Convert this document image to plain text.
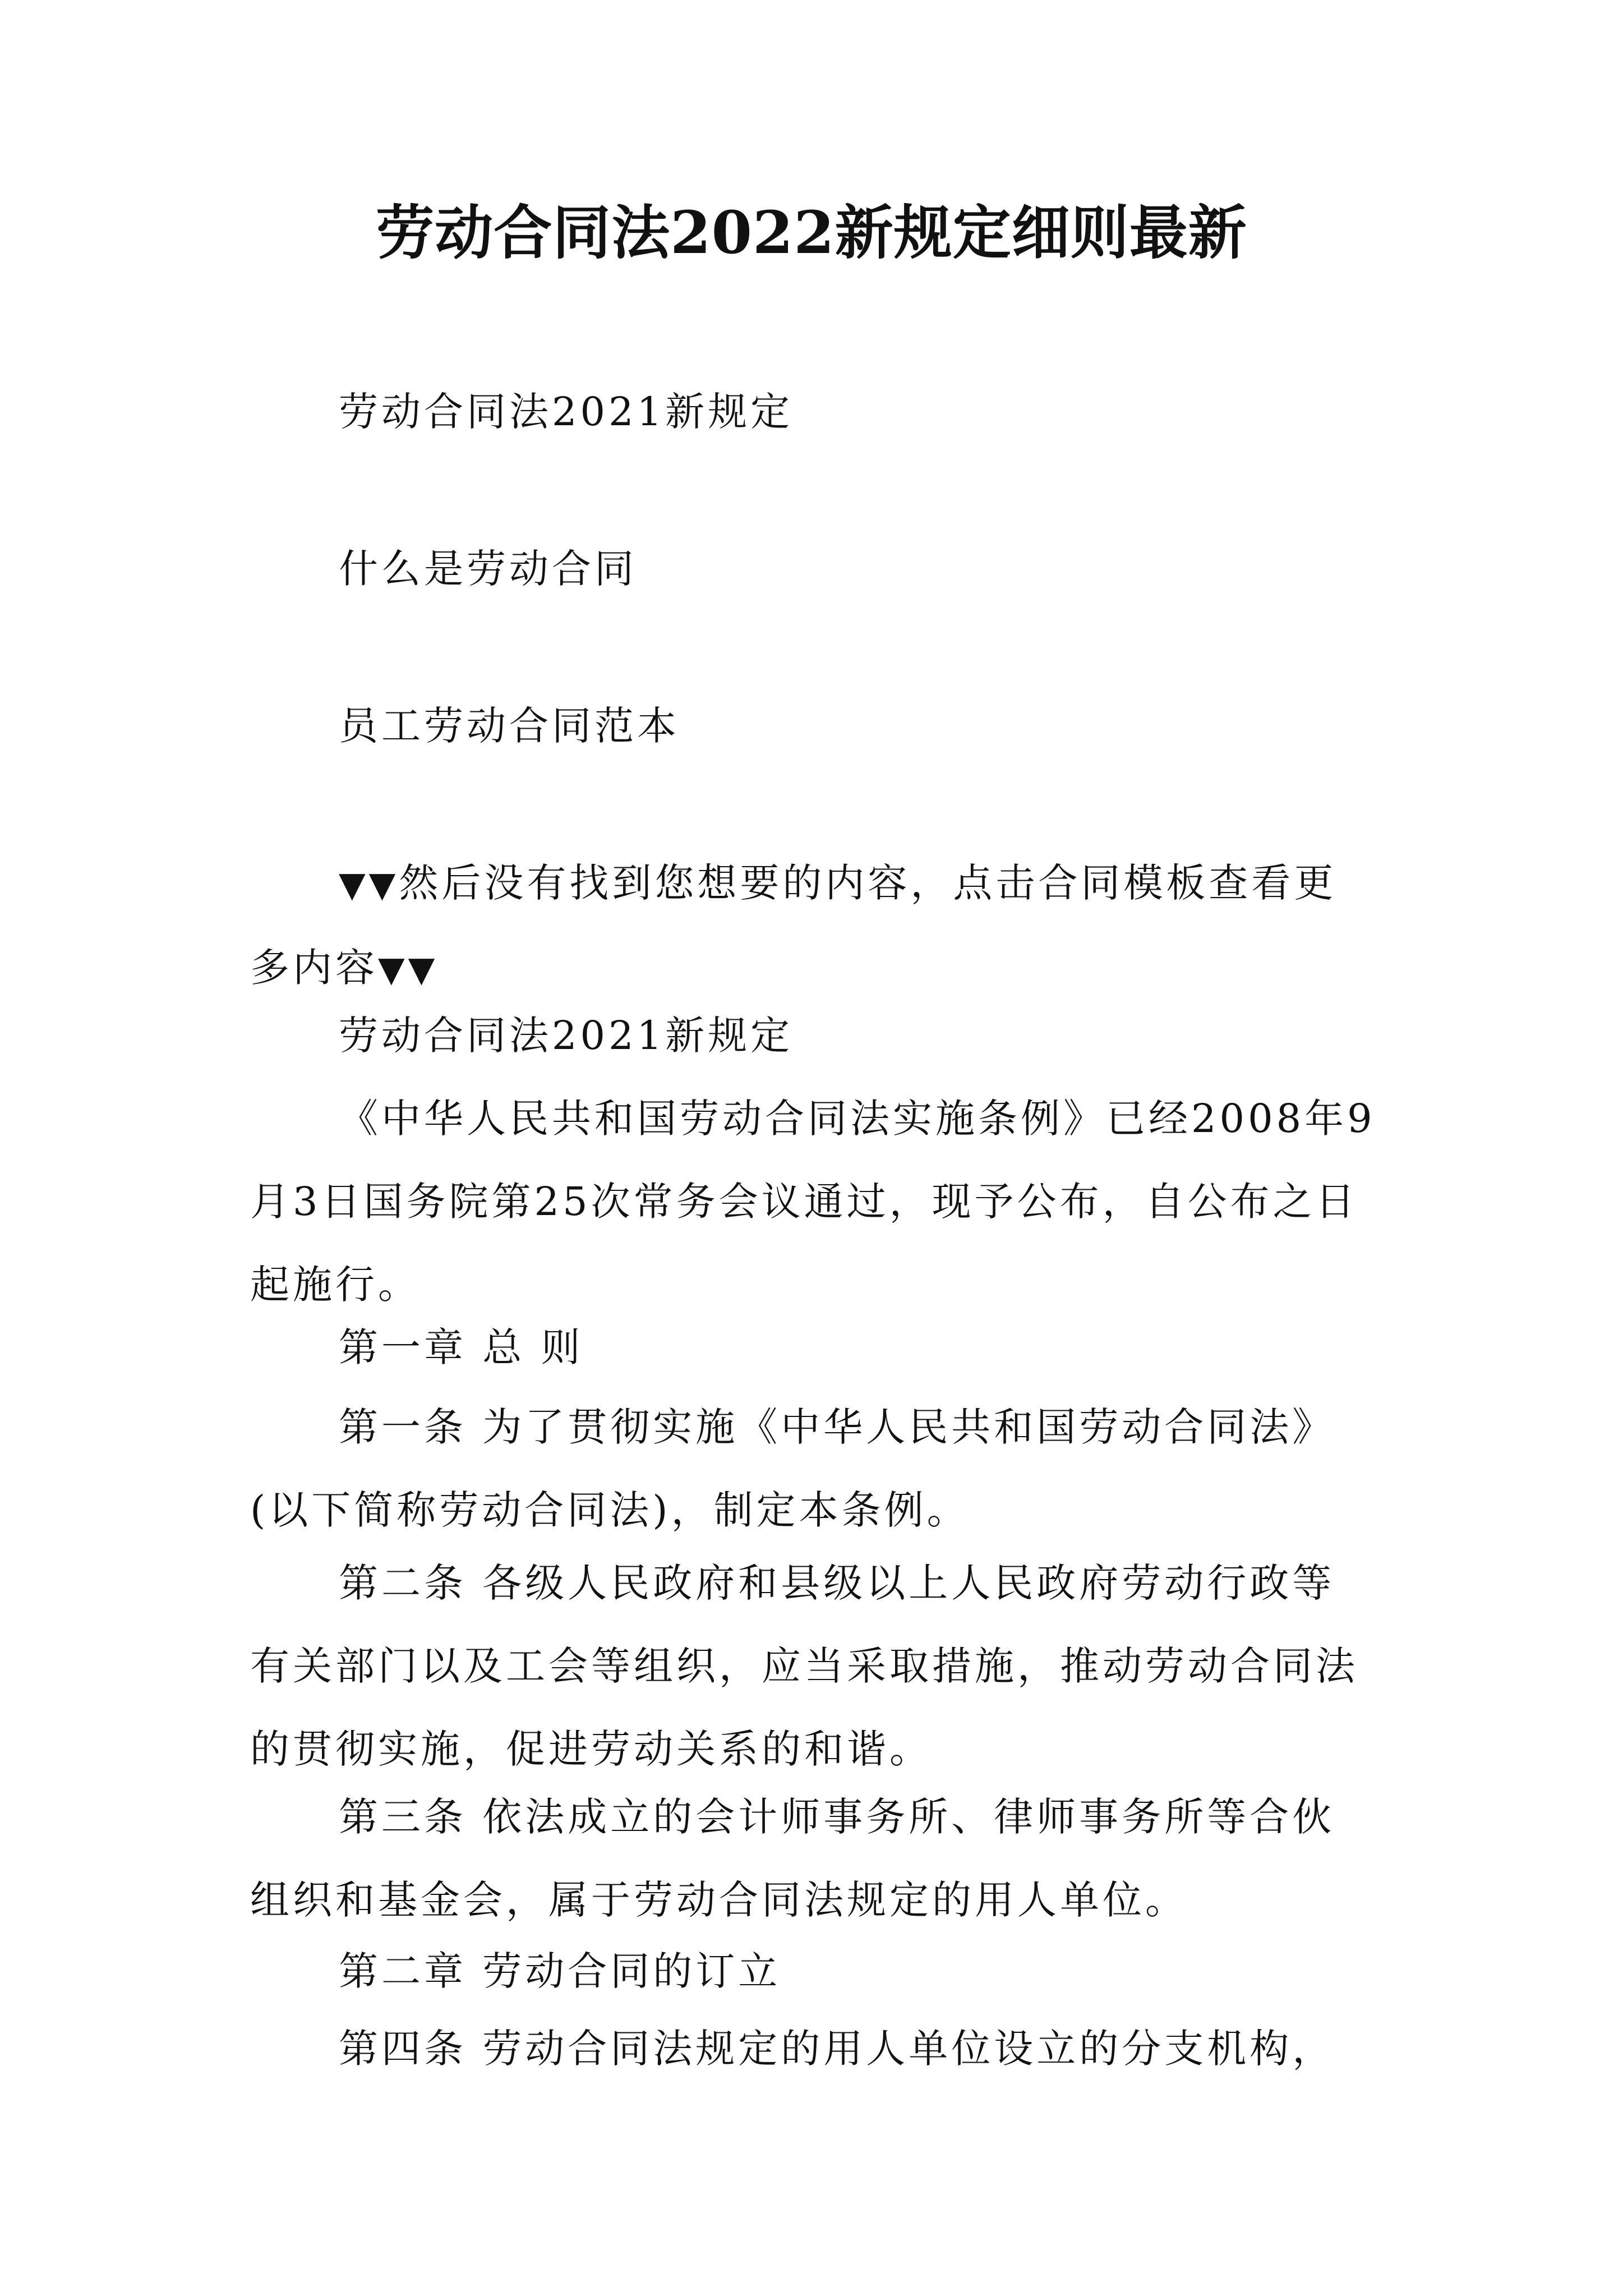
劳动合同法2022新规定细则最新
劳动合同法2021新规定
什么是劳动合同
员工劳动合同范本
▼▼然后没有找到您想要的内容，点击合同模板查看更多内容▼▼
劳动合同法2021新规定
《中华人民共和国劳动合同法实施条例》已经2008年9月3日国务院第25次常务会议通过，现予公布，自公布之日起施行。
第一章 总 则
第一条 为了贯彻实施《中华人民共和国劳动合同法》(以下简称劳动合同法)，制定本条例。
第二条 各级人民政府和县级以上人民政府劳动行政等有关部门以及工会等组织，应当采取措施，推动劳动合同法的贯彻实施，促进劳动关系的和谐。
第三条 依法成立的会计师事务所、律师事务所等合伙组织和基金会，属于劳动合同法规定的用人单位。
第二章 劳动合同的订立
第四条 劳动合同法规定的用人单位设立的分支机构，
